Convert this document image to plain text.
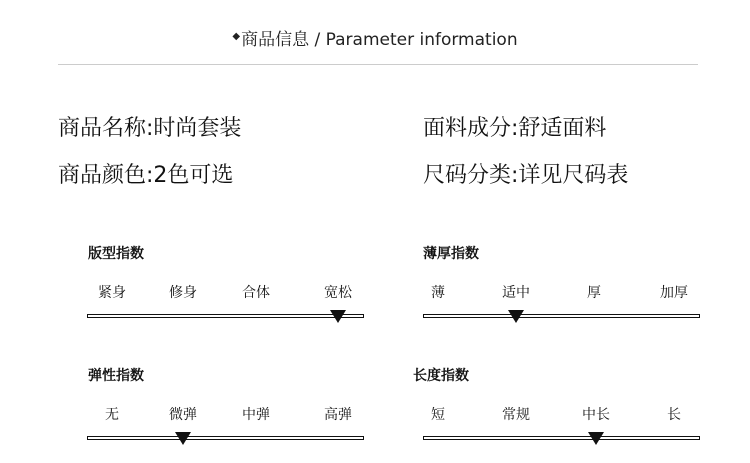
◆商品信息 / Parameter information
商品名称:时尚套装
商品颜色:2色可选
面料成分:舒适面料
尺码分类:详见尺码表
版型指数
紧身	修身	合体	宽松
薄厚指数
薄	适中	厚	加厚
弹性指数
无	微弹	中弹	高弹
长度指数
短	常规	中长	长
